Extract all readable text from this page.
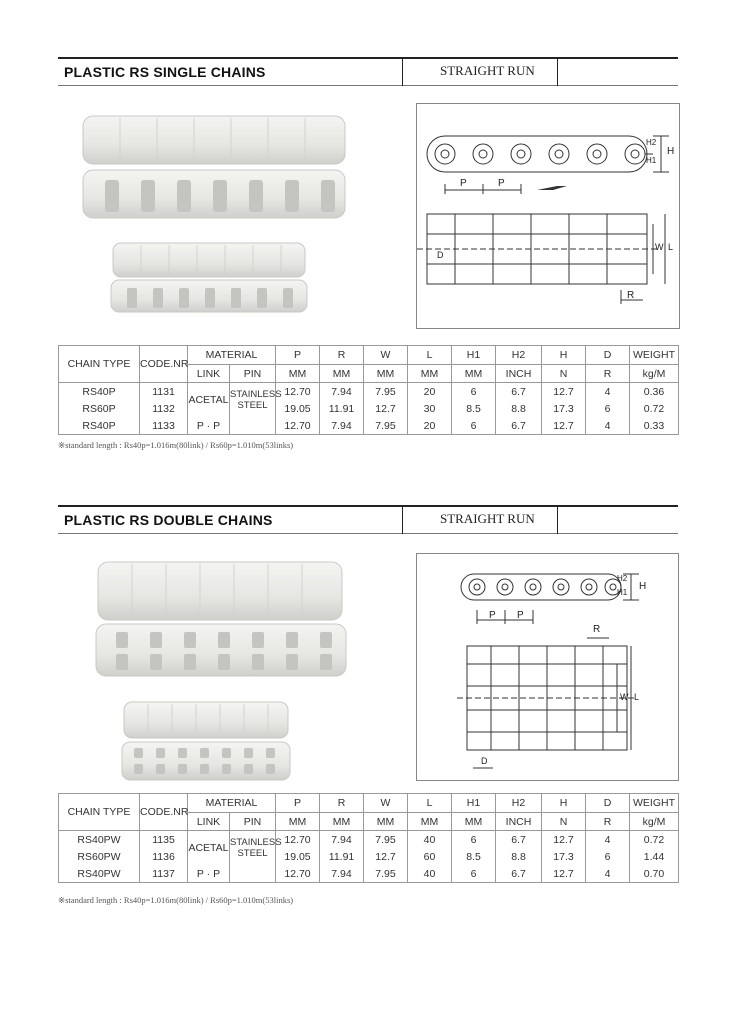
PLASTIC RS SINGLE CHAINS	STRAIGHT RUN
P	P
H2
H1
H
W L
D
R
CHAIN TYPE	CODE.NR	MATERIAL		P	R	W	L	H1	H2	H	D	WEIGHT
		LINK	PIN	MM	MM	MM	MM	MM	INCH	N	R	kg/M
RS40P	1131	ACETAL	STAINLESS	12.70	7.94	7.95	20	6	6.7	12.7	4	0.36
RS60P	1132		STEEL	19.05	11.91	12.7	30	8.5	8.8	17.3	6	0.72
RS40P	1133	P · P		12.70	7.94	7.95	20	6	6.7	12.7	4	0.33
※standard length : Rs40p=1.016m(80link) / Rs60p=1.010m(53links)
PLASTIC RS DOUBLE CHAINS	STRAIGHT RUN
P P
H2
H1
H
R
W L
D
CHAIN TYPE	CODE.NR	MATERIAL		P	R	W	L	H1	H2	H	D	WEIGHT
		LINK	PIN	MM	MM	MM	MM	MM	INCH	N	R	kg/M
RS40PW	1135	ACETAL	STAINLESS	12.70	7.94	7.95	40	6	6.7	12.7	4	0.72
RS60PW	1136		STEEL	19.05	11.91	12.7	60	8.5	8.8	17.3	6	1.44
RS40PW	1137	P · P		12.70	7.94	7.95	40	6	6.7	12.7	4	0.70
※standard length : Rs40p=1.016m(80link) / Rs60p=1.010m(53links)
